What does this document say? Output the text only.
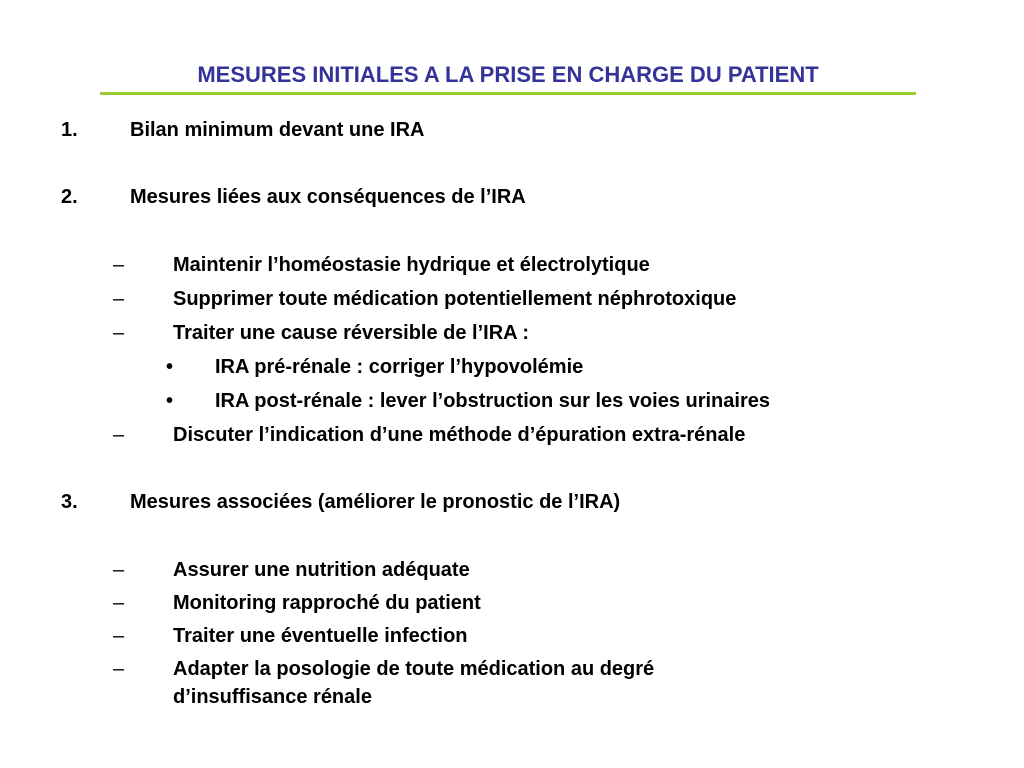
MESURES INITIALES A LA PRISE EN CHARGE DU PATIENT
1.	Bilan minimum devant une IRA
2.	Mesures liées aux conséquences de l’IRA
– Maintenir l’homéostasie hydrique et électrolytique
– Supprimer toute médication potentiellement néphrotoxique
– Traiter une cause réversible de l’IRA :
• IRA pré-rénale : corriger l’hypovolémie
• IRA post-rénale : lever l’obstruction sur les voies urinaires
– Discuter l’indication d’une méthode d’épuration extra-rénale
3.	Mesures associées (améliorer le pronostic de l’IRA)
– Assurer une nutrition adéquate
– Monitoring rapproché du patient
– Traiter une éventuelle infection
– Adapter la posologie de toute médication au degré
d’insuffisance rénale
